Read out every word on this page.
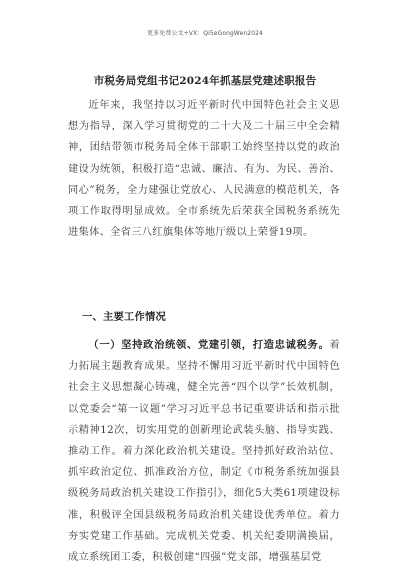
更多免费公文+VX：Qi5eGongWen2024
市税务局党组书记2024年抓基层党建述职报告

近年来，我坚持以习近平新时代中国特色社会主义思想为指导，深入学习贯彻党的二十大及二十届三中全会精神，团结带领市税务局全体干部职工始终坚持以党的政治建设为统领，积极打造“忠诚、廉洁、有为、为民、善治、同心”税务，全力建强让党放心、人民满意的模范机关，各项工作取得明显成效。全市系统先后荣获全国税务系统先进集体、全省三八红旗集体等地厅级以上荣誉19项。

一、主要工作情况

（一）坚持政治统领、党建引领，打造忠诚税务。着力拓展主题教育成果。坚持不懈用习近平新时代中国特色社会主义思想凝心铸魂，健全完善“四个以学”长效机制，以党委会“第一议题”学习习近平总书记重要讲话和指示批示精神12次，切实用党的创新理论武装头脑、指导实践、推动工作。着力深化政治机关建设。坚持抓好政治站位、抓牢政治定位、抓准政治方位，制定《市税务系统加强县级税务局政治机关建设工作指引》，细化5大类61项建设标准，积极评全国县级税务局政治机关建设优秀单位。着力夯实党建工作基础。完成机关党委、机关纪委期满换届，成立系统团工委，积极创建“四强”党支部，增强基层党
